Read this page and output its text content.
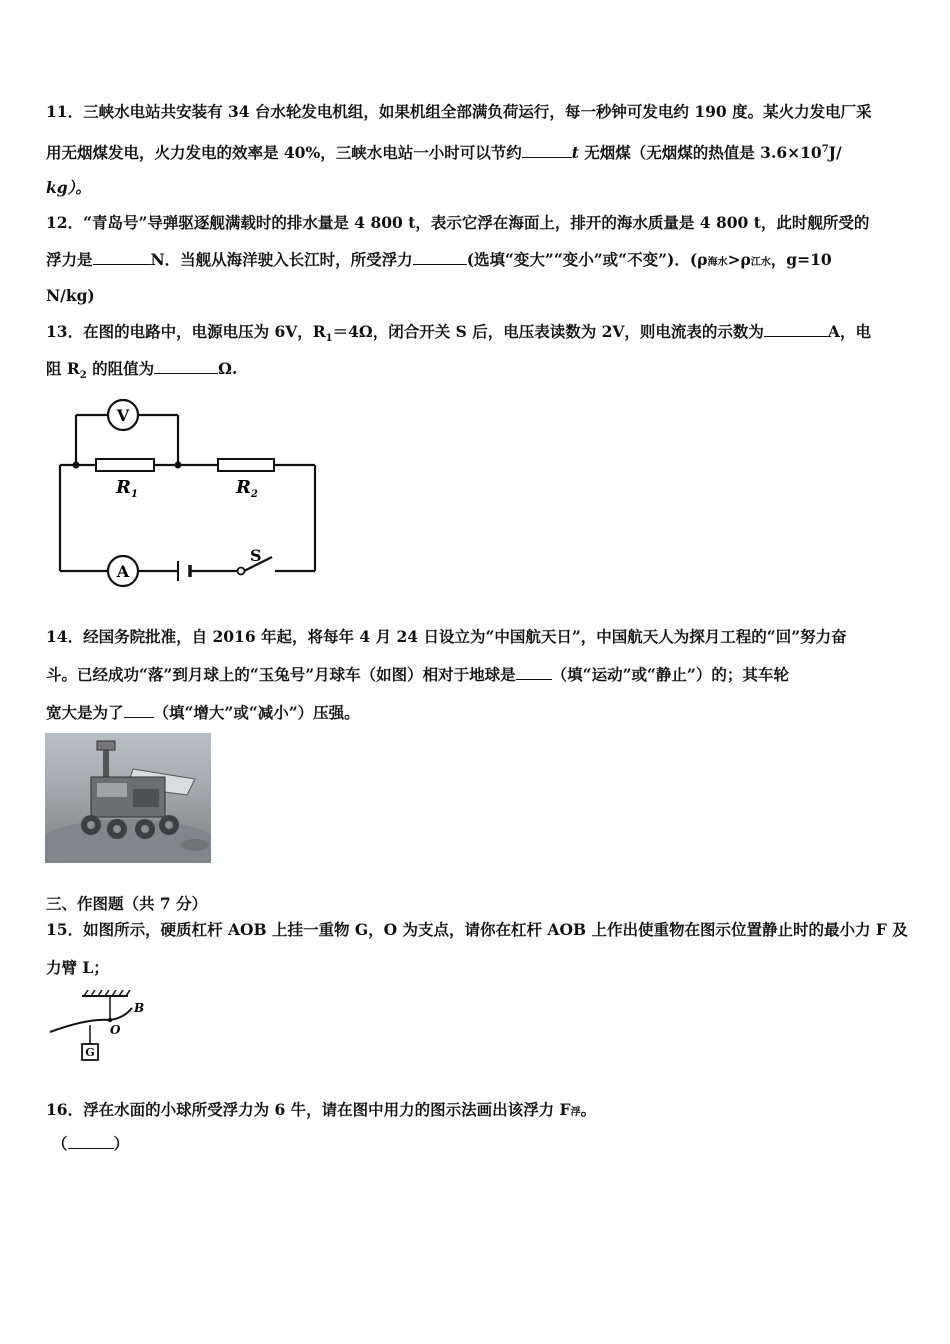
11．三峡水电站共安装有 34 台水轮发电机组，如果机组全部满负荷运行，每一秒钟可发电约 190 度。某火力发电厂采
用无烟煤发电，火力发电的效率是 40%，三峡水电站一小时可以节约	t 无烟煤（无烟煤的热值是 $3.6\times 10^7J/$
kg）。
12．“青岛号”导弹驱逐舰满载时的排水量是 4 800 t，表示它浮在海面上，排开的海水质量是 4 800 t，此时舰所受的
浮力是	N．当舰从海洋驶入长江时，所受浮力	(选填“变大”“变小”或“不变”)．(ρ海水>ρ江水，g=10
N/kg)
13．在图的电路中，电源电压为 6V，$R_1=4\Omega$，闭合开关 S 后，电压表读数为 2V，则电流表的示数为	A，电
阻 $R_2$ 的阻值为	Ω.
V
$R_1$	$R_2$
A
S
14．经国务院批准，自 2016 年起，将每年 4 月 24 日设立为“中国航天日”，中国航天人为探月工程的“回”努力奋
斗。已经成功“落”到月球上的“玉兔号”月球车（如图）相对于地球是 （填“运动”或“静止”）的；其车轮
宽大是为了 （填“增大”或“减小”）压强。
三、作图题（共 7 分）
15．如图所示，硬质杠杆 AOB 上挂一重物 G，O 为支点，请你在杠杆 AOB 上作出使重物在图示位置静止时的最小力 F 及
力臂 L；
B
O
G
16．浮在水面的小球所受浮力为 6 牛，请在图中用力的图示法画出该浮力 F浮。
（	）
